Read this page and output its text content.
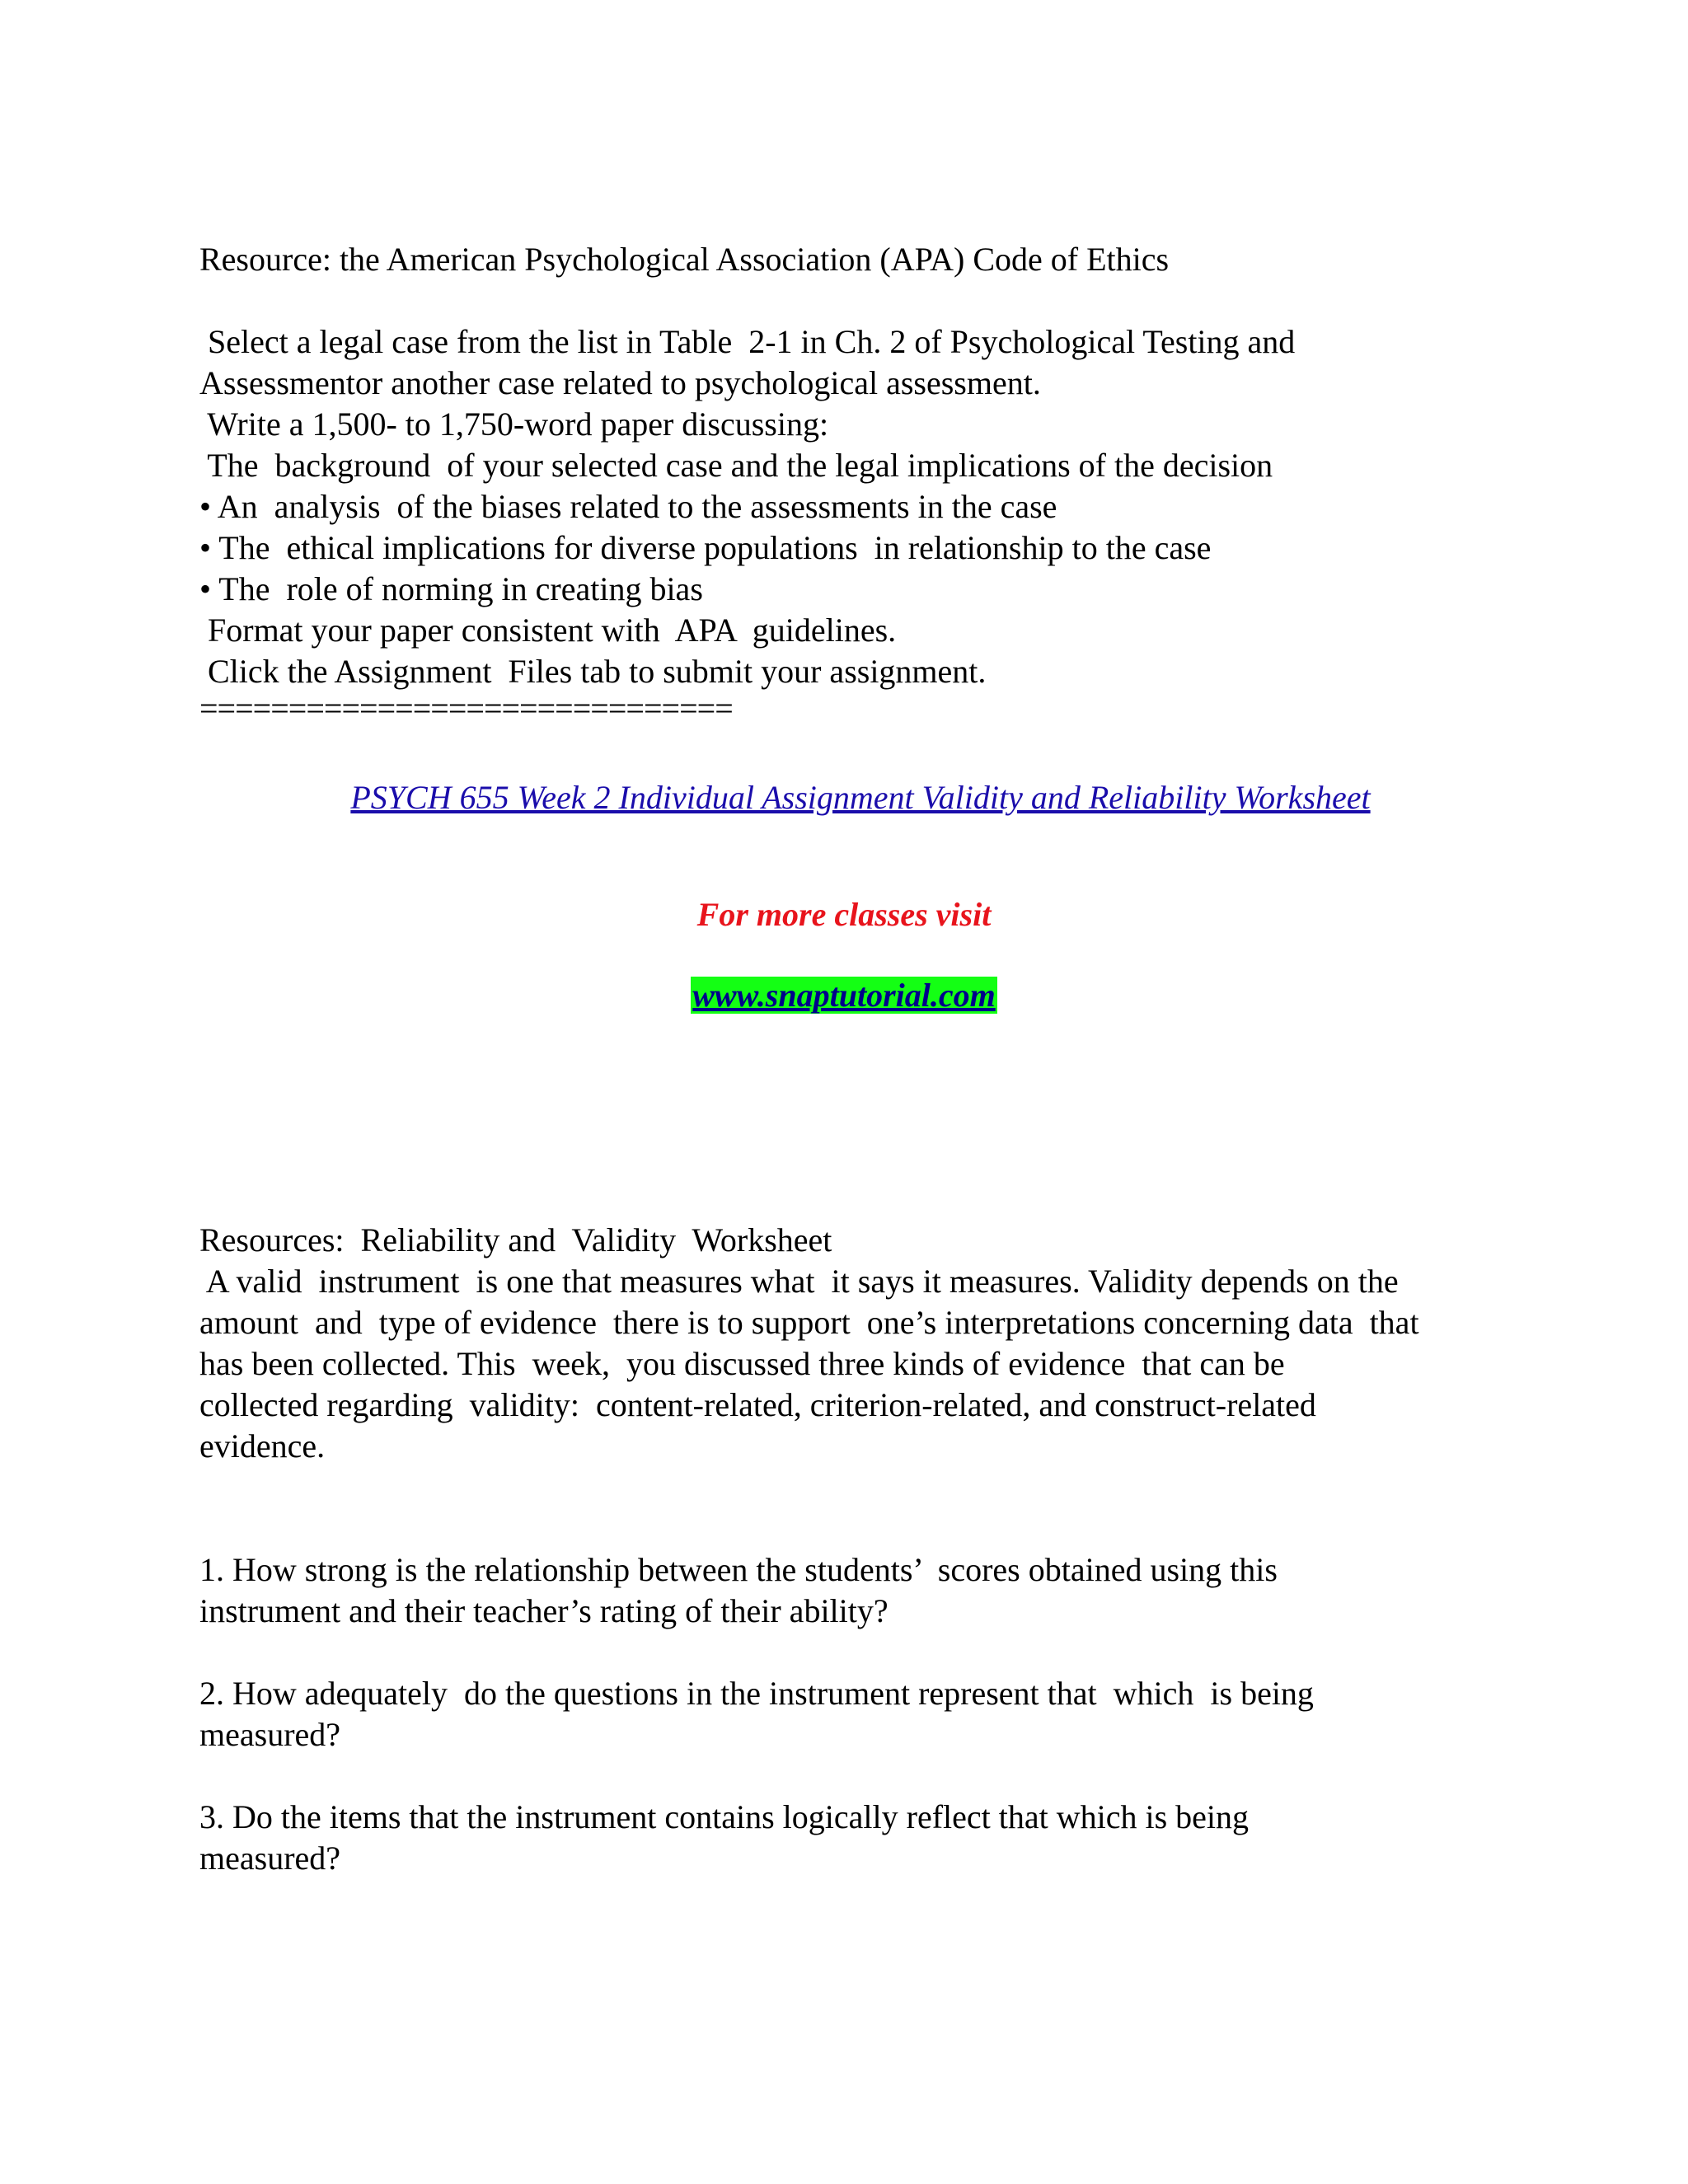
Resource: the American Psychological Association (APA) Code of Ethics
Select a legal case from the list in Table  2-1 in Ch. 2 of Psychological Testing and
Assessmentor another case related to psychological assessment.
Write a 1,500- to 1,750-word paper discussing:
The  background  of your selected case and the legal implications of the decision
• An  analysis  of the biases related to the assessments in the case
• The  ethical implications for diverse populations  in relationship to the case
• The  role of norming in creating bias
Format your paper consistent with  APA  guidelines.
Click the Assignment  Files tab to submit your assignment.
==============================

PSYCH 655 Week 2 Individual Assignment Validity and Reliability Worksheet

For more classes visit
www.snaptutorial.com
Resources:  Reliability and  Validity  Worksheet
A valid  instrument  is one that measures what  it says it measures. Validity depends on the
amount  and  type of evidence  there is to support  one’s interpretations concerning data  that
has been collected. This  week,  you discussed three kinds of evidence  that can be
collected regarding  validity:  content-related, criterion-related, and construct-related
evidence.
1. How strong is the relationship between the students’  scores obtained using this
instrument and their teacher’s rating of their ability?
2. How adequately  do the questions in the instrument represent that  which  is being
measured?
3. Do the items that the instrument contains logically reflect that which is being
measured?
